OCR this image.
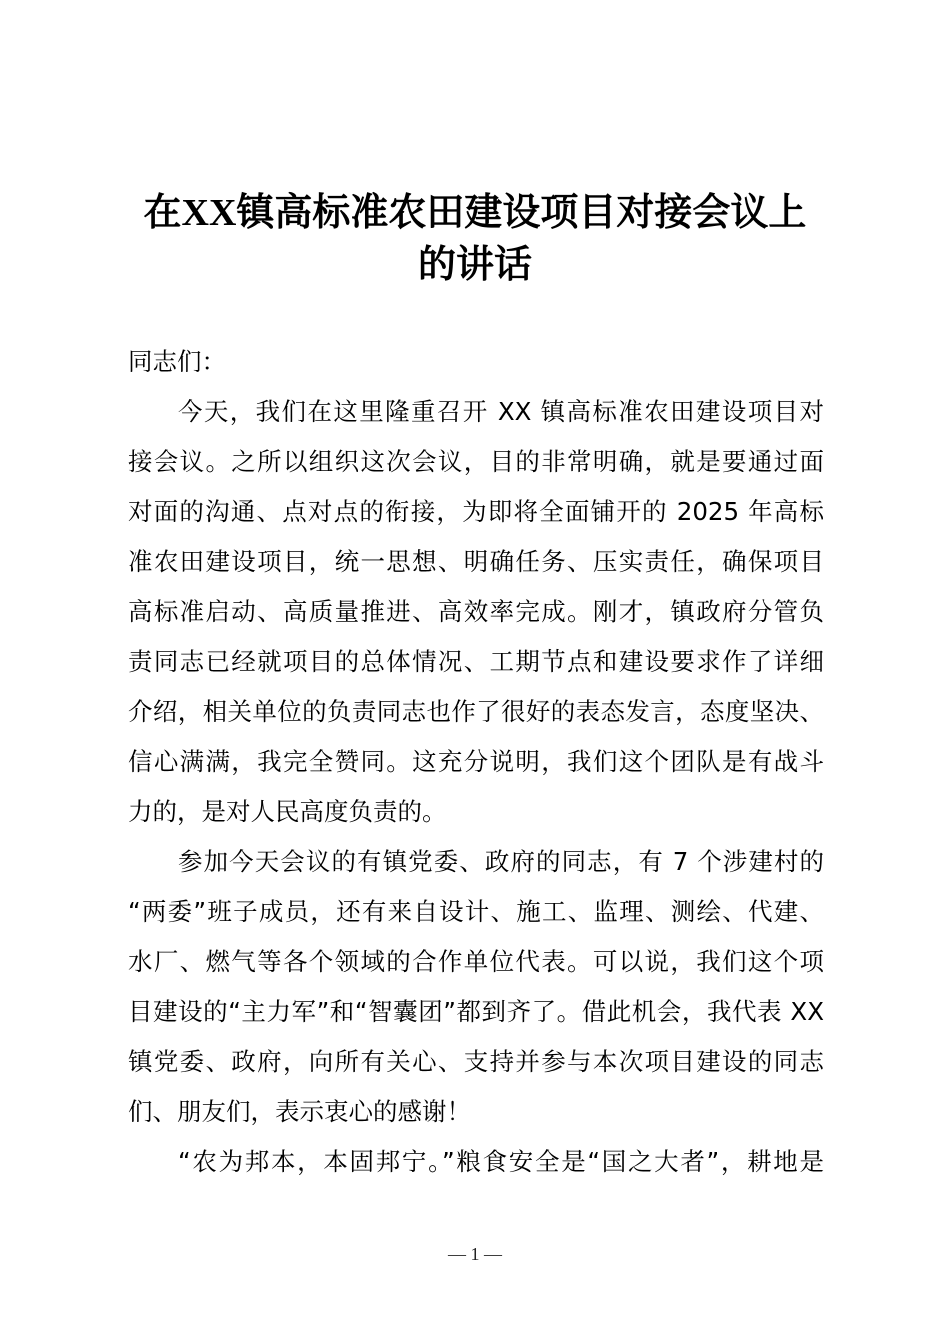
在XX镇高标准农田建设项目对接会议上
的讲话
同志们：
今天，我们在这里隆重召开 XX 镇高标准农田建设项目对
接会议。之所以组织这次会议，目的非常明确，就是要通过面
对面的沟通、点对点的衔接，为即将全面铺开的 2025 年高标
准农田建设项目，统一思想、明确任务、压实责任，确保项目
高标准启动、高质量推进、高效率完成。刚才，镇政府分管负
责同志已经就项目的总体情况、工期节点和建设要求作了详细
介绍，相关单位的负责同志也作了很好的表态发言，态度坚决、
信心满满，我完全赞同。这充分说明，我们这个团队是有战斗
力的，是对人民高度负责的。
参加今天会议的有镇党委、政府的同志，有 7 个涉建村的
“两委”班子成员，还有来自设计、施工、监理、测绘、代建、
水厂、燃气等各个领域的合作单位代表。可以说，我们这个项
目建设的“主力军”和“智囊团”都到齐了。借此机会，我代表 XX
镇党委、政府，向所有关心、支持并参与本次项目建设的同志
们、朋友们，表示衷心的感谢！
“农为邦本，本固邦宁。”粮食安全是“国之大者”，耕地是
— 1 —
